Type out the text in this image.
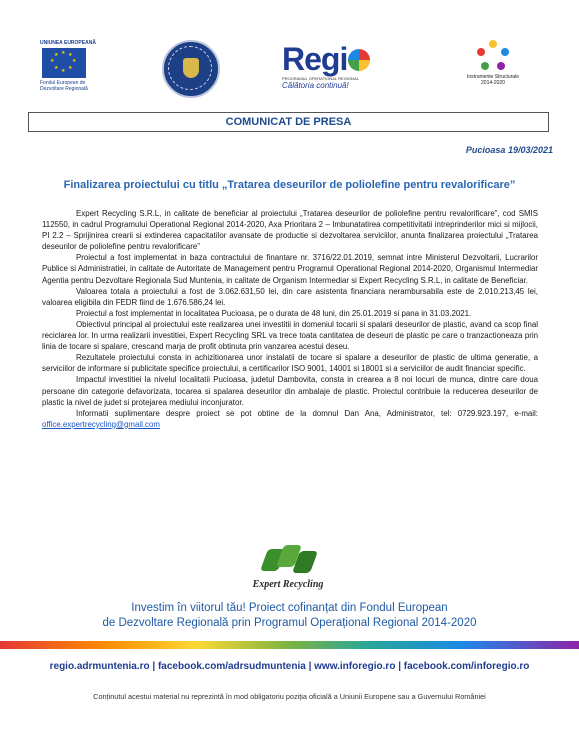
UNIUNEA EUROPEANĂ
★ ★
★
★
★
★
★
★
Fondul European de
Dezvoltare Regională
Regi
PROGRAMUL OPERAȚIONAL REGIONAL
Călătoria continuă!
Instrumente Structurale
2014-2020
COMUNICAT DE PRESA
Pucioasa 19/03/2021
Finalizarea proiectului cu titlu „Tratarea deseurilor de poliolefine pentru revalorificare”

Expert Recycling S.R.L, in calitate de beneficiar al proiectului „Tratarea deseurilor de poliolefine pentru revalorificare”, cod SMIS 112550, in cadrul Programului Operational Regional 2014-2020, Axa Prioritara 2 – Imbunatatirea competitivitatii intreprinderilor mici si mijlocii, PI 2.2 – Sprijinirea crearii si extinderea capacitatilor avansate de productie si dezvoltarea serviciilor, anunta finalizarea proiectului „Tratarea deseurilor de poliolefine pentru revalorificare”

Proiectul a fost implementat in baza contractului de finantare nr. 3716/22.01.2019, semnat intre Ministerul Dezvoltarii, Lucrarilor Publice si Administratiei, in calitate de Autoritate de Management pentru Programul Operational Regional 2014-2020, Organismul Intermediar Agentia pentru Dezvoltare Regionala Sud Muntenia, in calitate de Organism Intermediar si Expert Recycling S.R.L, in calitate de Beneficiar.

Valoarea totala a proiectului a fost de 3.062.631,50 lei, din care asistenta financiara nerambursabila este de 2.010.213,45 lei, valoarea eligibila din FEDR fiind de 1.676.586,24 lei.

Proiectul a fost implementat in localitatea Pucioasa, pe o durata de 48 luni, din 25.01.2019 si pana in 31.03.2021.

Obiectivul principal al proiectului este realizarea unei investitii in domeniul tocarii si spalarii deseurilor de plastic, avand ca scop final reciclarea lor. In urma realizarii investitiei, Expert Recycling SRL va trece toata cantitatea de deseuri de plastic pe care o tranzactioneaza prin linia de tocare si spalare, crescand marja de profit obtinuta prin vanzarea acestui deseu.

Rezultatele proiectului consta in achizitionarea unor instalatii de tocare si spalare a deseurilor de plastic de ultima generatie, a serviciilor de informare si publicitate specifice proiectului, a certificarilor ISO 9001, 14001 si 18001 si a serviciilor de audit financiar specific.

Impactul investitiei la nivelul localitatii Pucioasa, judetul Dambovita, consta in crearea a 8 noi locuri de munca, dintre care doua persoane din categorie defavorizata, tocarea si spalarea deseurilor din ambalaje de plastic. Proiectul contribuie la reducerea deseurilor de plastic la nivel de judet si protejarea mediului inconjurator.

Informatii suplimentare despre proiect se pot obtine de la domnul Dan Ana, Administrator, tel: 0729.923.197, e-mail: office.expertrecycling@gmail.com

Expert Recycling
Investim în viitorul tău! Proiect cofinanțat din Fondul European
de Dezvoltare Regională prin Programul Operațional Regional 2014-2020
regio.adrmuntenia.ro | facebook.com/adrsudmuntenia | www.inforegio.ro | facebook.com/inforegio.ro
Conținutul acestui material nu reprezintă în mod obligatoriu poziția oficială a Uniunii Europene sau a Guvernului României
